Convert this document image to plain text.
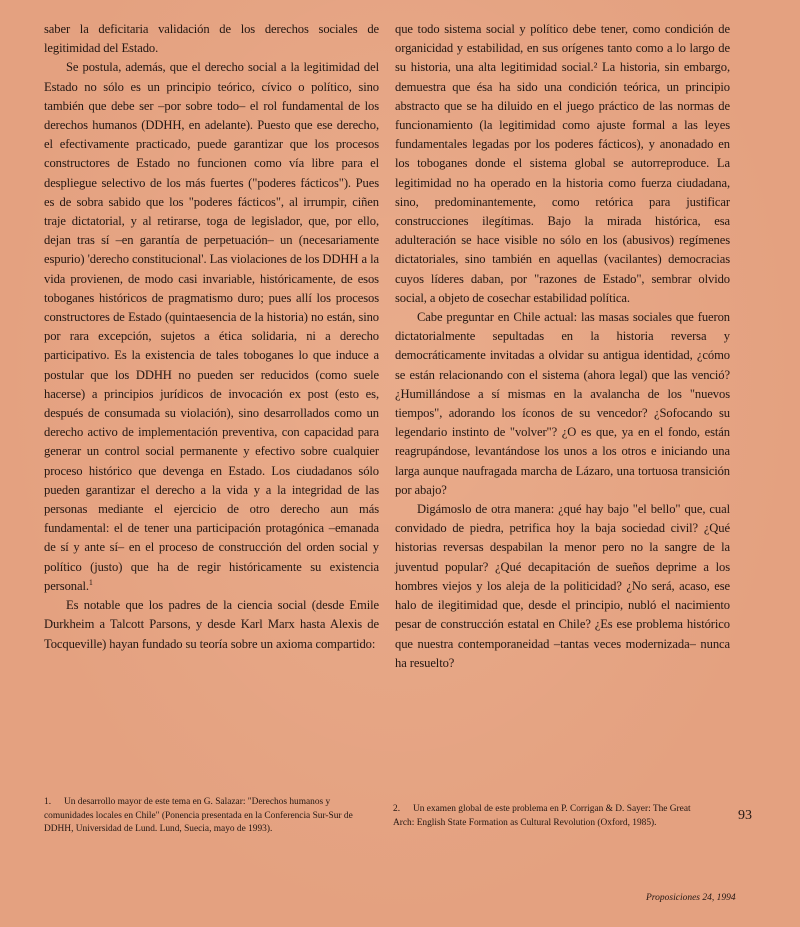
saber la deficitaria validación de los derechos sociales de legitimidad del Estado.

Se postula, además, que el derecho social a la legitimidad del Estado no sólo es un principio teórico, cívico o político, sino también que debe ser –por sobre todo– el rol fundamental de los derechos humanos (DDHH, en adelante). Puesto que ese derecho, el efectivamente practicado, puede garantizar que los procesos constructores de Estado no funcionen como vía libre para el despliegue selectivo de los más fuertes ("poderes fácticos"). Pues es de sobra sabido que los "poderes fácticos", al irrumpir, ciñen traje dictatorial, y al retirarse, toga de legislador, que, por ello, dejan tras sí –en garantía de perpetuación– un (necesariamente espurio) 'derecho constitucional'. Las violaciones de los DDHH a la vida provienen, de modo casi invariable, históricamente, de esos toboganes históricos de pragmatismo duro; pues allí los procesos constructores de Estado (quintaesencia de la historia) no están, sino por rara excepción, sujetos a ética solidaria, ni a derecho participativo. Es la existencia de tales toboganes lo que induce a postular que los DDHH no pueden ser reducidos (como suele hacerse) a principios jurídicos de invocación ex post (esto es, después de consumada su violación), sino desarrollados como un derecho activo de implementación preventiva, con capacidad para generar un control social permanente y efectivo sobre cualquier proceso histórico que devenga en Estado. Los ciudadanos sólo pueden garantizar el derecho a la vida y a la integridad de las personas mediante el ejercicio de otro derecho aun más fundamental: el de tener una participación protagónica –emanada de sí y ante sí– en el proceso de construcción del orden social y político (justo) que ha de regir históricamente su existencia personal.$^1$

Es notable que los padres de la ciencia social (desde Emile Durkheim a Talcott Parsons, y desde Karl Marx hasta Alexis de Tocqueville) hayan fundado su teoría sobre un axioma compartido:

que todo sistema social y político debe tener, como condición de organicidad y estabilidad, en sus orígenes tanto como a lo largo de su historia, una alta legitimidad social.² La historia, sin embargo, demuestra que ésa ha sido una condición teórica, un principio abstracto que se ha diluido en el juego práctico de las normas de funcionamiento (la legitimidad como ajuste formal a las leyes fundamentales legadas por los poderes fácticos), y anonadado en los toboganes donde el sistema global se autorreproduce. La legitimidad no ha operado en la historia como fuerza ciudadana, sino, predominantemente, como retórica para justificar construcciones ilegítimas. Bajo la mirada histórica, esa adulteración se hace visible no sólo en los (abusivos) regímenes dictatoriales, sino también en aquellas (vacilantes) democracias cuyos líderes daban, por "razones de Estado", sembrar olvido social, a objeto de cosechar estabilidad política.

Cabe preguntar en Chile actual: las masas sociales que fueron dictatorialmente sepultadas en la historia reversa y democráticamente invitadas a olvidar su antigua identidad, ¿cómo se están relacionando con el sistema (ahora legal) que las venció? ¿Humillándose a sí mismas en la avalancha de los "nuevos tiempos", adorando los íconos de su vencedor? ¿Sofocando su legendario instinto de "volver"? ¿O es que, ya en el fondo, están reagrupándose, levantándose los unos a los otros e iniciando una larga aunque naufragada marcha de Lázaro, una tortuosa transición por abajo?

Digámoslo de otra manera: ¿qué hay bajo "el bello" que, cual convidado de piedra, petrifica hoy la baja sociedad civil? ¿Qué historias reversas despabilan la menor pero no la sangre de la juventud popular? ¿Qué decapitación de sueños deprime a los hombres viejos y los aleja de la politicidad? ¿No será, acaso, ese halo de ilegitimidad que, desde el principio, nubló el nacimiento pesar de construcción estatal en Chile? ¿Es ese problema histórico que nuestra contemporaneidad –tantas veces modernizada– nunca ha resuelto?

1. Un desarrollo mayor de este tema en G. Salazar: "Derechos humanos y comunidades locales en Chile" (Ponencia presentada en la Conferencia Sur-Sur de DDHH, Universidad de Lund. Lund, Suecia, mayo de 1993).
2. Un examen global de este problema en P. Corrigan & D. Sayer: The Great Arch: English State Formation as Cultural Revolution (Oxford, 1985).	93
Proposiciones 24, 1994
